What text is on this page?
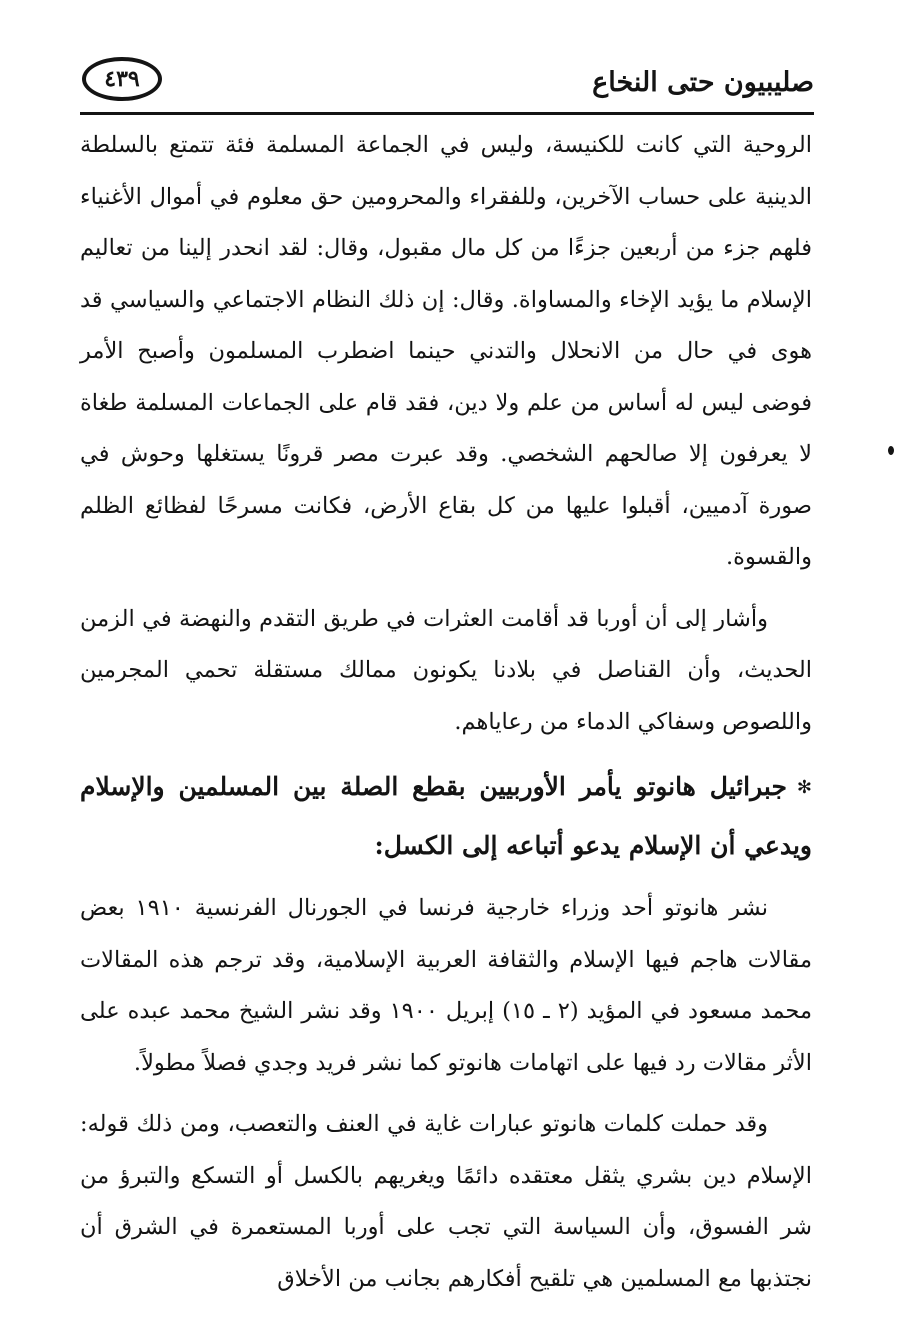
صليبيون حتى النخاع
٤٣٩

الروحية التي كانت للكنيسة، وليس في الجماعة المسلمة فئة تتمتع بالسلطة الدينية على حساب الآخرين، وللفقراء والمحرومين حق معلوم في أموال الأغنياء فلهم جزء من أربعين جزءًا من كل مال مقبول، وقال: لقد انحدر إلينا من تعاليم الإسلام ما يؤيد الإخاء والمساواة. وقال: إن ذلك النظام الاجتماعي والسياسي قد هوى في حال من الانحلال والتدني حينما اضطرب المسلمون وأصبح الأمر فوضى ليس له أساس من علم ولا دين، فقد قام على الجماعات المسلمة طغاة لا يعرفون إلا صالحهم الشخصي. وقد عبرت مصر قرونًا يستغلها وحوش في صورة آدميين، أقبلوا عليها من كل بقاع الأرض، فكانت مسرحًا لفظائع الظلم والقسوة.

وأشار إلى أن أوربا قد أقامت العثرات في طريق التقدم والنهضة في الزمن الحديث، وأن القناصل في بلادنا يكونون ممالك مستقلة تحمي المجرمين واللصوص وسفاكي الدماء من رعاياهم.

✻جبرائيل هانوتو يأمر الأوربيين بقطع الصلة بين المسلمين والإسلام ويدعي أن الإسلام يدعو أتباعه إلى الكسل:

نشر هانوتو أحد وزراء خارجية فرنسا في الجورنال الفرنسية ١٩١٠ بعض مقالات هاجم فيها الإسلام والثقافة العربية الإسلامية، وقد ترجم هذه المقالات محمد مسعود في المؤيد (٢ ـ ١٥) إبريل ١٩٠٠ وقد نشر الشيخ محمد عبده على الأثر مقالات رد فيها على اتهامات هانوتو كما نشر فريد وجدي فصلاً مطولاً.

وقد حملت كلمات هانوتو عبارات غاية في العنف والتعصب، ومن ذلك قوله: الإسلام دين بشري يثقل معتقده دائمًا ويغريهم بالكسل أو التسكع والتبرؤ من شر الفسوق، وأن السياسة التي تجب على أوربا المستعمرة في الشرق أن نجتذبها مع المسلمين هي تلقيح أفكارهم بجانب من الأخلاق
